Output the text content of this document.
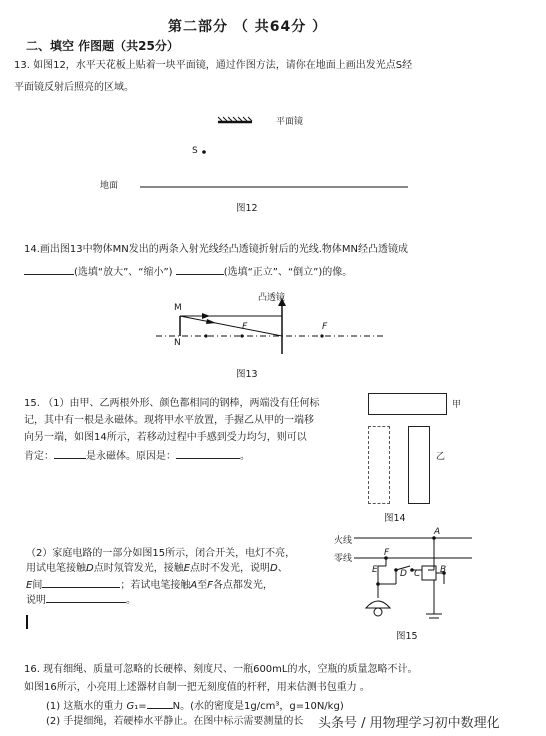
第二部分 （ 共64分 ）
二、填空 作图题（共25分）
13. 如图12，水平天花板上贴着一块平面镜，通过作图方法，请你在地面上画出发光点S经
平面镜反射后照亮的区域。
平面镜
S
地面
图12
14.画出图13中物体MN发出的两条入射光线经凸透镜折射后的光线.物体MN经凸透镜成
(选填“放大”、“缩小”)	(选填“正立”、“倒立”)的像。
凸透镜
M
N
F	F
图13
15. （1）由甲、乙两根外形、颜色都相同的钢棒，两端没有任何标
记，其中有一根是永磁体。现将甲水平放置，手握乙从甲的一端移
向另一端，如图14所示，若移动过程中手感到受力均匀，则可以
肯定：	是永磁体。原因是：	。
甲
乙
图14
（2）家庭电路的一部分如图15所示，闭合开关，电灯不亮，
用试电笔接触D点时氖管发光，接触E点时不发光，说明D、
E间	；若试电笔接触A至F各点都发光，
说明	。
火线
零线
A
F
E D C B
图15
16. 现有细绳、质量可忽略的长硬棒、刻度尺、一瓶600mL的水，空瓶的质量忽略不计。
如图16所示，小亮用上述器材自制一把无刻度值的杆秤，用来估测书包重力 。
(1) 这瓶水的重力 G₁=	N。(水的密度是1g/cm³，g=10N/kg)
(2) 手提细绳，若硬棒水平静止。在图中标示需要测量的长 头条号 / 用物理学习初中数理化
